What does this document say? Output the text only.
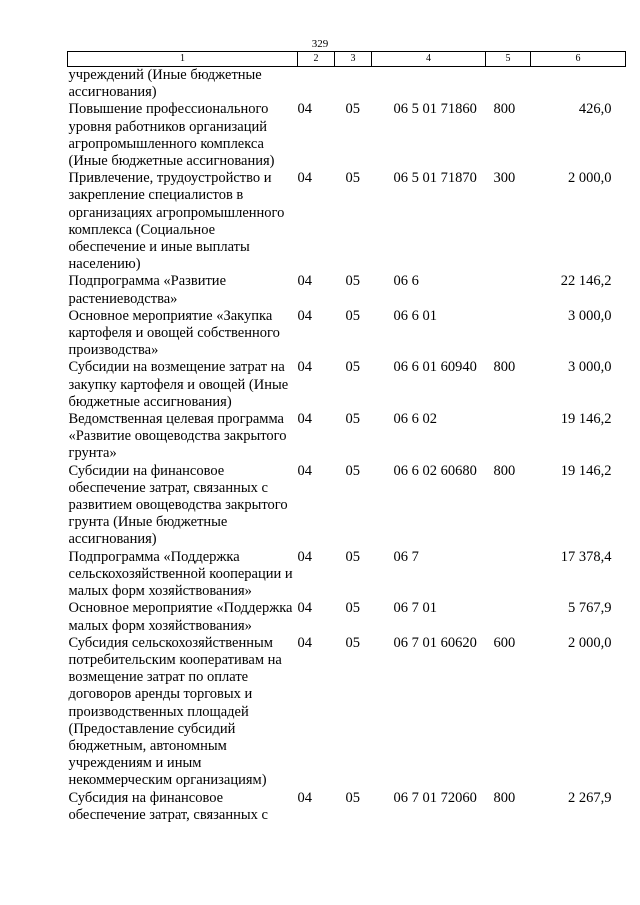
329
1	2	3	4	5	6
учреждений (Иные бюджетные ассигнования)					
Повышение профессионального уровня работников организаций агропромышленного комплекса (Иные бюджетные ассигнования)	04	05	06 5 01 71860	800	426,0
Привлечение, трудоустройство и закрепление специалистов в организациях агропромышленного комплекса (Социальное обеспечение и иные выплаты населению)	04	05	06 5 01 71870	300	2 000,0
Подпрограмма «Развитие растениеводства»	04	05	06 6		22 146,2
Основное мероприятие «Закупка картофеля и овощей собственного производства»	04	05	06 6 01		3 000,0
Субсидии на возмещение затрат на закупку картофеля и овощей (Иные бюджетные ассигнования)	04	05	06 6 01 60940	800	3 000,0
Ведомственная целевая программа «Развитие овощеводства закрытого грунта»	04	05	06 6 02		19 146,2
Субсидии на финансовое обеспечение затрат, связанных с развитием овощеводства закрытого грунта (Иные бюджетные ассигнования)	04	05	06 6 02 60680	800	19 146,2
Подпрограмма «Поддержка сельскохозяйственной кооперации и малых форм хозяйствования»	04	05	06 7		17 378,4
Основное мероприятие «Поддержка малых форм хозяйствования»	04	05	06 7 01		5 767,9
Субсидия сельскохозяйственным потребительским кооперативам на возмещение затрат по оплате договоров аренды торговых и производственных площадей (Предоставление субсидий бюджетным, автономным учреждениям и иным некоммерческим организациям)	04	05	06 7 01 60620	600	2 000,0
Субсидия на финансовое обеспечение затрат, связанных с	04	05	06 7 01 72060	800	2 267,9
